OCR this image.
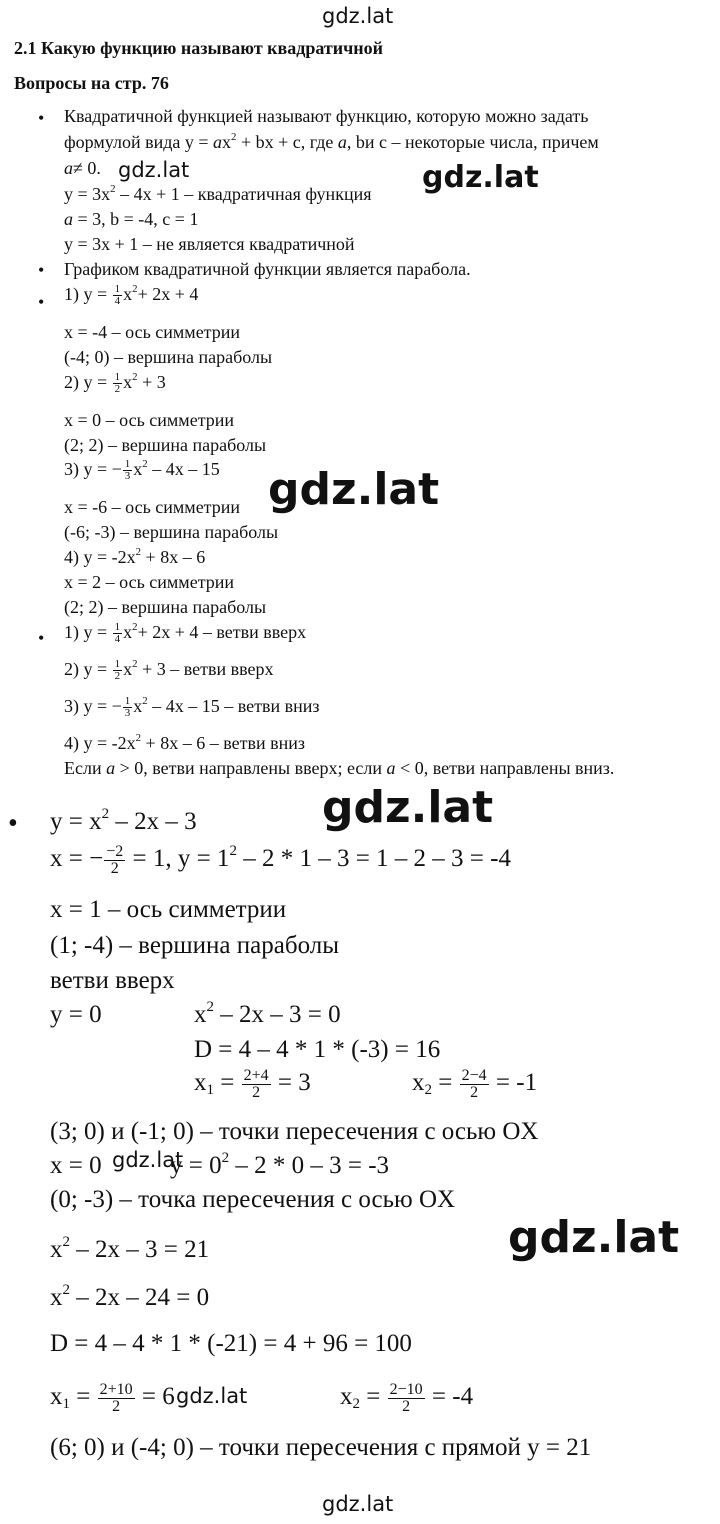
gdz.lat
gdz.lat
gdz.lat
gdz.lat
gdz.lat
gdz.lat
gdz.lat
gdz.lat
gdz.lat
2.1 Какую функцию называют квадратичной
Вопросы на стр. 76
• Квадратичной функцией называют функцию, которую можно задать
формулой вида $y = ax^2$ + bx + c, где a, bи c – некоторые числа, причем
a≠ 0.
$y = 3x^2 - 4x + 1$ – квадратичная функция
a = 3, b = -4, c = 1
y = 3x + 1 – не является квадратичной
• Графиком квадратичной функции является парабола.
• 1) $y = \frac{1}{4} x^2+ 2x + 4$
x = -4 – ось симметрии
(-4; 0) – вершина параболы
2) $y = \frac{1}{2} x^2 + 3$
x = 0 – ось симметрии
(2; 2) – вершина параболы
3) y = − $\frac{1}{3} x^2 - 4x - 15$
x = -6 – ось симметрии
(-6; -3) – вершина параболы
4) $y = -2x^2 + 8x - 6$
x = 2 – ось симметрии
(2; 2) – вершина параболы
• 1) $y = \frac{1}{4} x^2+ 2x + 4$ – ветви вверх
2) $y = \frac{1}{2} x^2 + 3$ – ветви вверх
3) y = − $\frac{1}{3} x^2 - 4x - 15$ – ветви вниз
4) $y = -2x^2 + 8x - 6$ – ветви вниз
Если a > 0, ветви направлены вверх; если a < 0, ветви направлены вниз.
• $y = x^2 - 2x - 3$
x = − $\frac{-2}{2} = 1$, $y = 1^2 - 2 * 1 - 3 = 1 - 2 - 3 = -4$
x = 1 – ось симметрии
(1; -4) – вершина параболы
ветви вверх
y = 0	$x^2 - 2x - 3 = 0$
D = 4 – 4 * 1 * (-3) = 16
$x_1 = \frac{2+4}{2} = 3$	$x_2 = \frac{2-4}{2} = -1$
(3; 0) и (-1; 0) – точки пересечения с осью OX
x = 0	$y = 0^2 - 2 * 0 - 3 = -3$
(0; -3) – точка пересечения с осью OX
$x^2 - 2x - 3 = 21$
$x^2 - 2x - 24 = 0$
D = 4 – 4 * 1 * (-21) = 4 + 96 = 100
$x_1 = \frac{2+10}{2} = 6$	$x_2 = \frac{2-10}{2} = -4$
(6; 0) и (-4; 0) – точки пересечения с прямой y = 21
